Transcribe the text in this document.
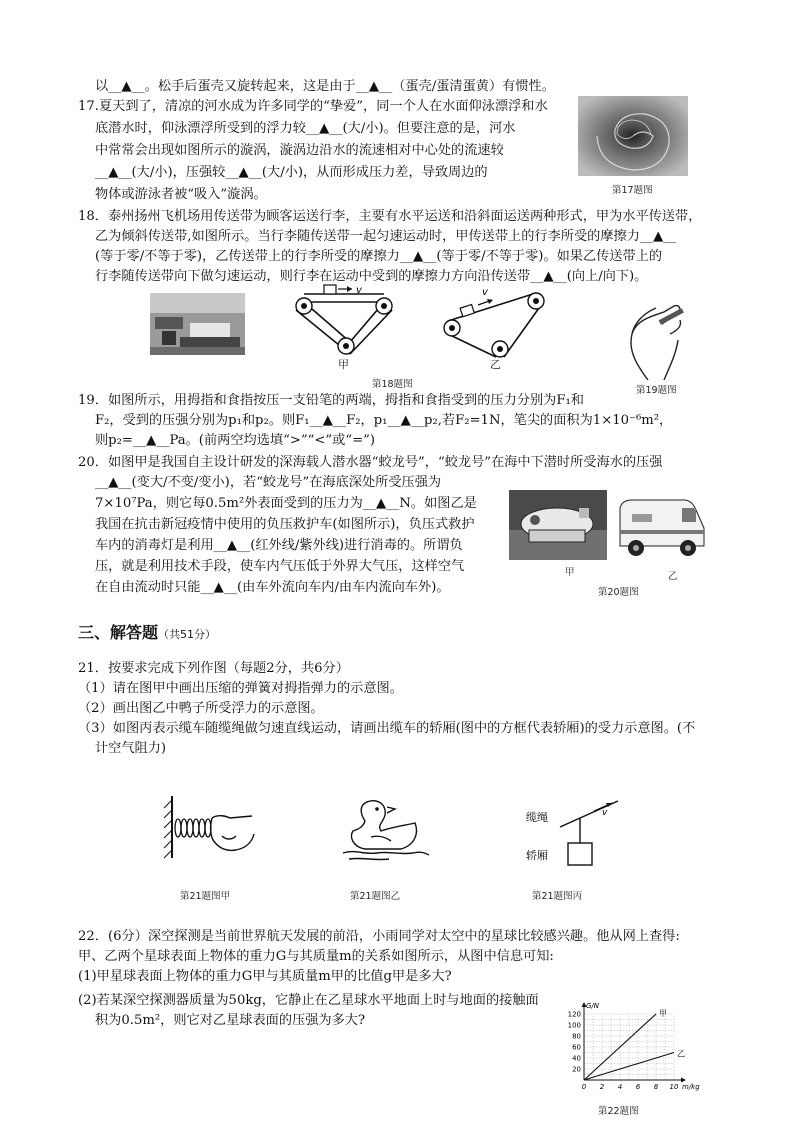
以__▲__。松手后蛋壳又旋转起来，这是由于__▲__（蛋壳/蛋清蛋黄）有惯性。
17.夏天到了，清凉的河水成为许多同学的“挚爱”，同一个人在水面仰泳漂浮和水
底潜水时，仰泳漂浮所受到的浮力较__▲__(大/小)。但要注意的是，河水
中常常会出现如图所示的漩涡，漩涡边沿水的流速相对中心处的流速较
__▲__(大/小)，压强较__▲__(大/小)，从而形成压力差，导致周边的
物体或游泳者被“吸入”漩涡。
18．泰州扬州飞机场用传送带为顾客运送行李，主要有水平运送和沿斜面运送两种形式，甲为水平传送带，
乙为倾斜传送带,如图所示。当行李随传送带一起匀速运动时，甲传送带上的行李所受的摩擦力__▲__
(等于零/不等于零)，乙传送带上的行李所受的摩擦力__▲__(等于零/不等于零)。如果乙传送带上的
行李随传送带向下做匀速运动，则行李在运动中受到的摩擦力方向沿传送带__▲__(向上/向下)。
19．如图所示，用拇指和食指按压一支铅笔的两端，拇指和食指受到的压力分别为F₁和
F₂，受到的压强分别为p₁和p₂。则F₁__▲__F₂，p₁__▲__p₂,若F₂=1N，笔尖的面积为1×10⁻⁶m²，
则p₂=__▲__Pa。(前两空均选填“>”“<”或“=”)
20．如图甲是我国自主设计研发的深海载人潜水器“蛟龙号”，“蛟龙号”在海中下潜时所受海水的压强
__▲__(变大/不变/变小)，若“蛟龙号”在海底深处所受压强为
7×10⁷Pa，则它每0.5m²外表面受到的压力为__▲__N。如图乙是
我国在抗击新冠疫情中使用的负压救护车(如图所示)，负压式救护
车内的消毒灯是利用__▲__(红外线/紫外线)进行消毒的。所谓负
压，就是利用技术手段，使车内气压低于外界大气压，这样空气
在自由流动时只能__▲__(由车外流向车内/由车内流向车外)。
三、解答题（共51分）
21．按要求完成下列作图（每题2分，共6分）
（1）请在图甲中画出压缩的弹簧对拇指弹力的示意图。
（2）画出图乙中鸭子所受浮力的示意图。
（3）如图丙表示缆车随缆绳做匀速直线运动，请画出缆车的轿厢(图中的方框代表轿厢)的受力示意图。(不
计空气阻力)
22．(6分）深空探测是当前世界航天发展的前沿，小雨同学对太空中的星球比较感兴趣。他从网上查得:
甲、乙两个星球表面上物体的重力G与其质量m的关系如图所示，从图中信息可知:
(1)甲星球表面上物体的重力G甲与其质量m甲的比值g甲是多大?
(2)若某深空探测器质量为50kg，它静止在乙星球水平地面上时与地面的接触面
积为0.5m²，则它对乙星球表面的压强为多大?
第17题图
v
甲
v
乙
第18题图
第19题图
甲	乙
第20题图
第21题图甲	第21题图乙
v
缆绳
轿厢
第21题图丙
0 2 4 6 8 10
20
40
60
80
100
120
m/kg
G/N
甲
乙
第22题图
